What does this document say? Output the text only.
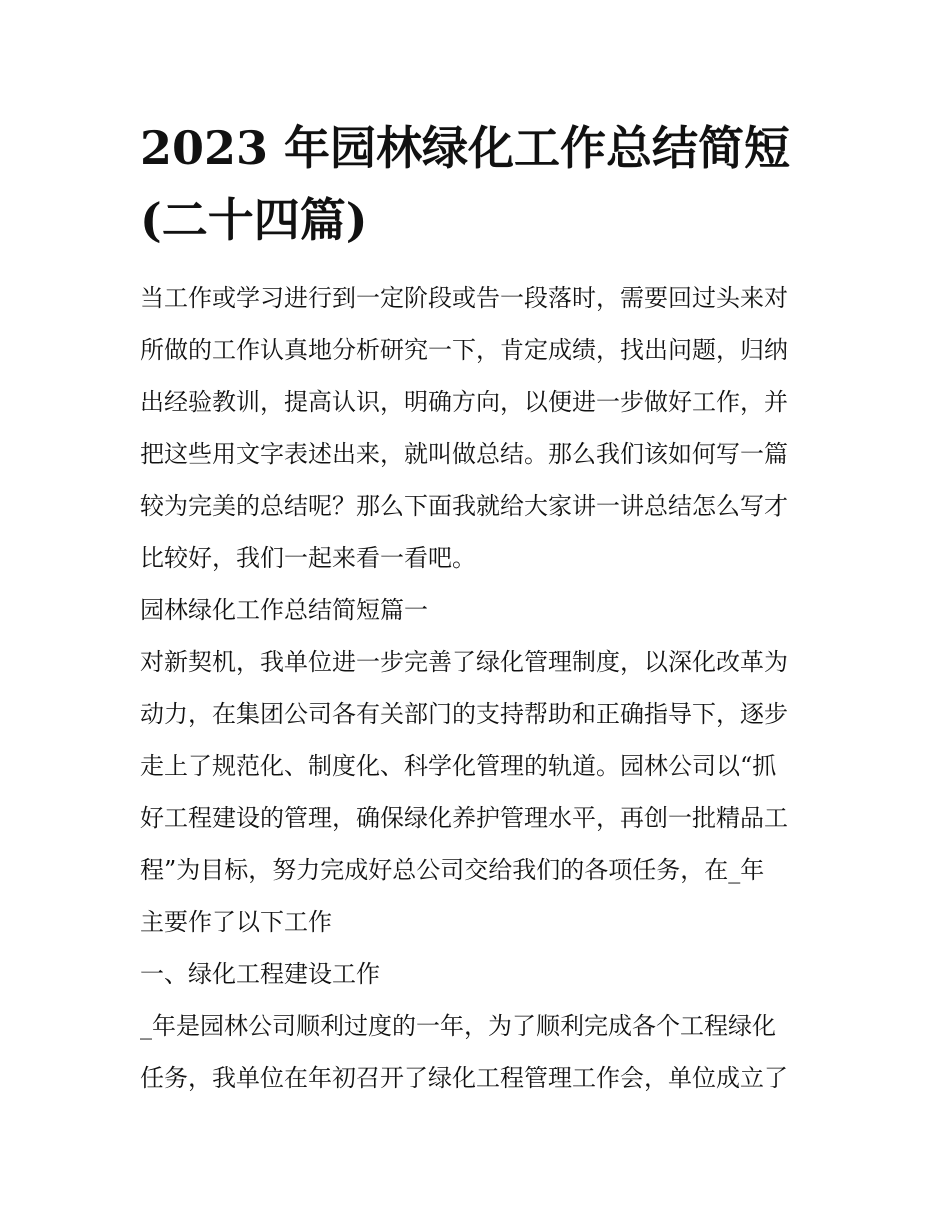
2023 年园林绿化工作总结简短
(二十四篇)
当工作或学习进行到一定阶段或告一段落时，需要回过头来对
所做的工作认真地分析研究一下，肯定成绩，找出问题，归纳
出经验教训，提高认识，明确方向，以便进一步做好工作，并
把这些用文字表述出来，就叫做总结。那么我们该如何写一篇
较为完美的总结呢？那么下面我就给大家讲一讲总结怎么写才
比较好，我们一起来看一看吧。
园林绿化工作总结简短篇一
对新契机，我单位进一步完善了绿化管理制度，以深化改革为
动力，在集团公司各有关部门的支持帮助和正确指导下，逐步
走上了规范化、制度化、科学化管理的轨道。园林公司以“抓
好工程建设的管理，确保绿化养护管理水平，再创一批精品工
程”为目标，努力完成好总公司交给我们的各项任务，在_年
主要作了以下工作
一、绿化工程建设工作
_年是园林公司顺利过度的一年，为了顺利完成各个工程绿化
任务，我单位在年初召开了绿化工程管理工作会，单位成立了
